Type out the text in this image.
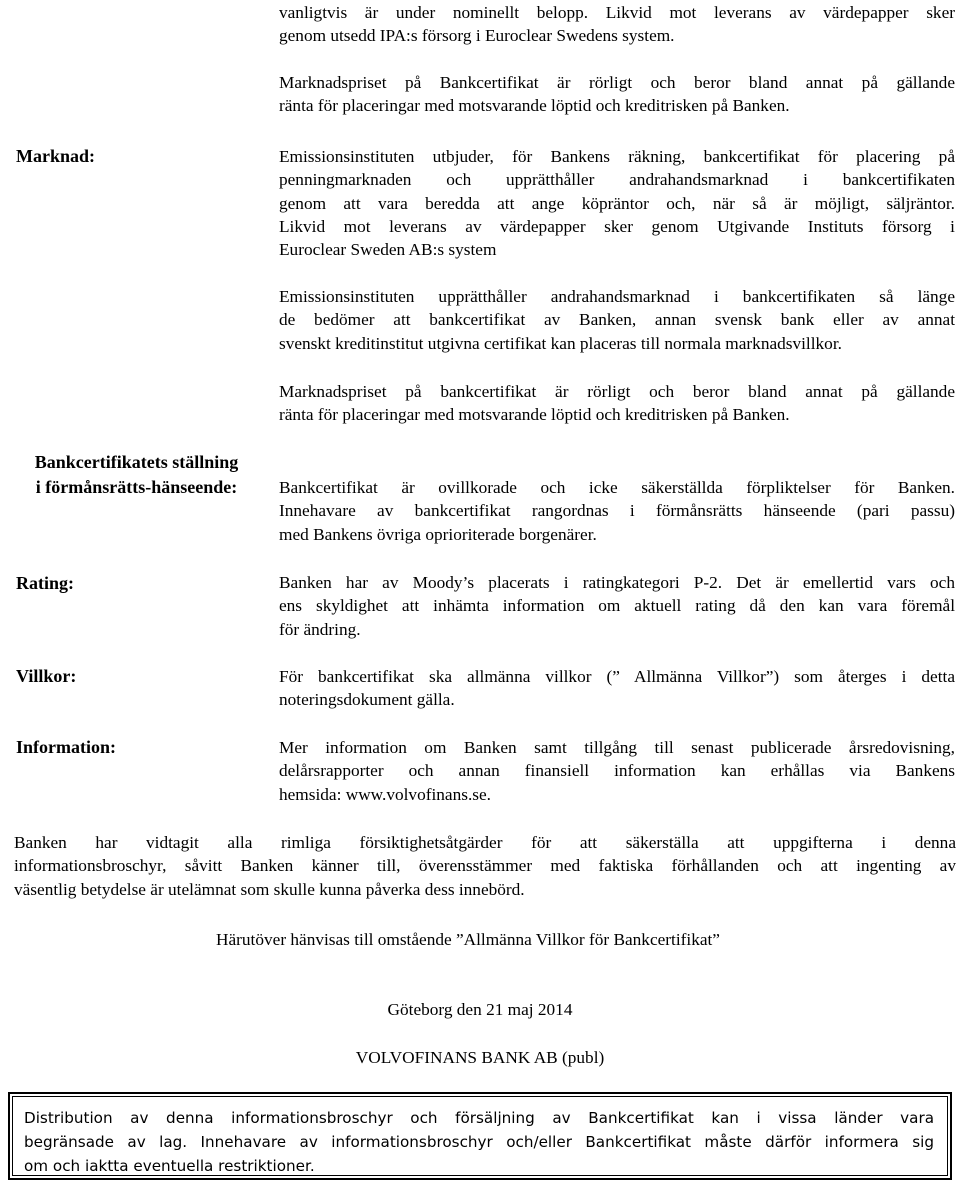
vanligtvis är under nominellt belopp. Likvid mot leverans av värdepapper sker
genom utsedd IPA:s försorg i Euroclear Swedens system.
Marknadspriset på Bankcertifikat är rörligt och beror bland annat på gällande
ränta för placeringar med motsvarande löptid och kreditrisken på Banken.
Marknad:	Emissionsinstituten utbjuder, för Bankens räkning, bankcertifikat för placering på
penningmarknaden och upprätthåller andrahandsmarknad i bankcertifikaten
genom att vara beredda att ange köpräntor och, när så är möjligt, säljräntor.
Likvid mot leverans av värdepapper sker genom Utgivande Instituts försorg i
Euroclear Sweden AB:s system
Emissionsinstituten upprätthåller andrahandsmarknad i bankcertifikaten så länge
de bedömer att bankcertifikat av Banken, annan svensk bank eller av annat
svenskt kreditinstitut utgivna certifikat kan placeras till normala marknadsvillkor.
Marknadspriset på bankcertifikat är rörligt och beror bland annat på gällande
ränta för placeringar med motsvarande löptid och kreditrisken på Banken.
Bankcertifikatets ställning
i förmånsrätts-hänseende:	Bankcertifikat är ovillkorade och icke säkerställda förpliktelser för Banken.
Innehavare av bankcertifikat rangordnas i förmånsrätts hänseende (pari passu)
med Bankens övriga oprioriterade borgenärer.
Rating:	Banken har av Moody’s placerats i ratingkategori P-2. Det är emellertid vars och
ens skyldighet att inhämta information om aktuell rating då den kan vara föremål
för ändring.
Villkor:	För bankcertifikat ska allmänna villkor (” Allmänna Villkor”) som återges i detta
noteringsdokument gälla.
Information:	Mer information om Banken samt tillgång till senast publicerade årsredovisning,
delårsrapporter och annan finansiell information kan erhållas via Bankens
hemsida: www.volvofinans.se.
Banken har vidtagit alla rimliga försiktighetsåtgärder för att säkerställa att uppgifterna i denna
informationsbroschyr, såvitt Banken känner till, överensstämmer med faktiska förhållanden och att ingenting av
väsentlig betydelse är utelämnat som skulle kunna påverka dess innebörd.
Härutöver hänvisas till omstående ”Allmänna Villkor för Bankcertifikat”
Göteborg den 21 maj 2014
VOLVOFINANS BANK AB (publ)
Distribution av denna informationsbroschyr och försäljning av Bankcertifikat kan i vissa länder vara
begränsade av lag. Innehavare av informationsbroschyr och/eller Bankcertifikat måste därför informera sig
om och iaktta eventuella restriktioner.
